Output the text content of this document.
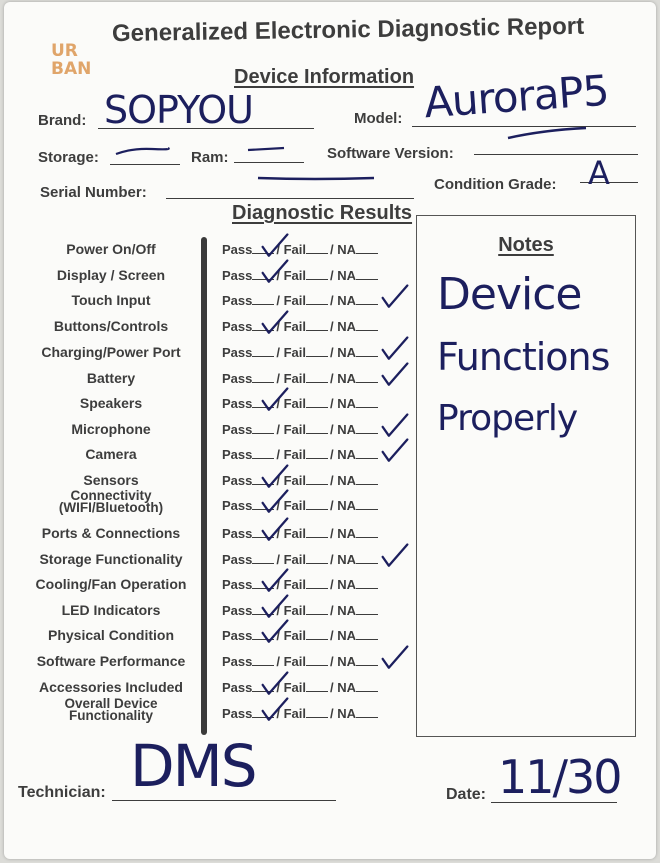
UR
BAN
Generalized Electronic Diagnostic Report
Device Information
Brand: SOPYOU	Model: AuroraP5
Storage:	Ram:	Software Version:
Serial Number:	Condition Grade: A
Diagnostic Results
Power On/Off	Pass / Fail / NA
Display / Screen	Pass / Fail / NA
Touch Input	Pass / Fail / NA
Buttons/Controls	Pass / Fail / NA
Charging/Power Port	Pass / Fail / NA
Battery	Pass / Fail / NA
Speakers	Pass / Fail / NA
Microphone	Pass / Fail / NA
Camera	Pass / Fail / NA
Sensors	Pass / Fail / NA
Connectivity
(WIFI/Bluetooth)	Pass / Fail / NA
Ports & Connections	Pass / Fail / NA
Storage Functionality	Pass / Fail / NA
Cooling/Fan Operation	Pass / Fail / NA
LED Indicators	Pass / Fail / NA
Physical Condition	Pass / Fail / NA
Software Performance	Pass / Fail / NA
Accessories Included	Pass / Fail / NA
Overall Device
Functionality	Pass / Fail / NA
Notes
Device
Functions
Properly
Technician: DMS	Date: 11/30
